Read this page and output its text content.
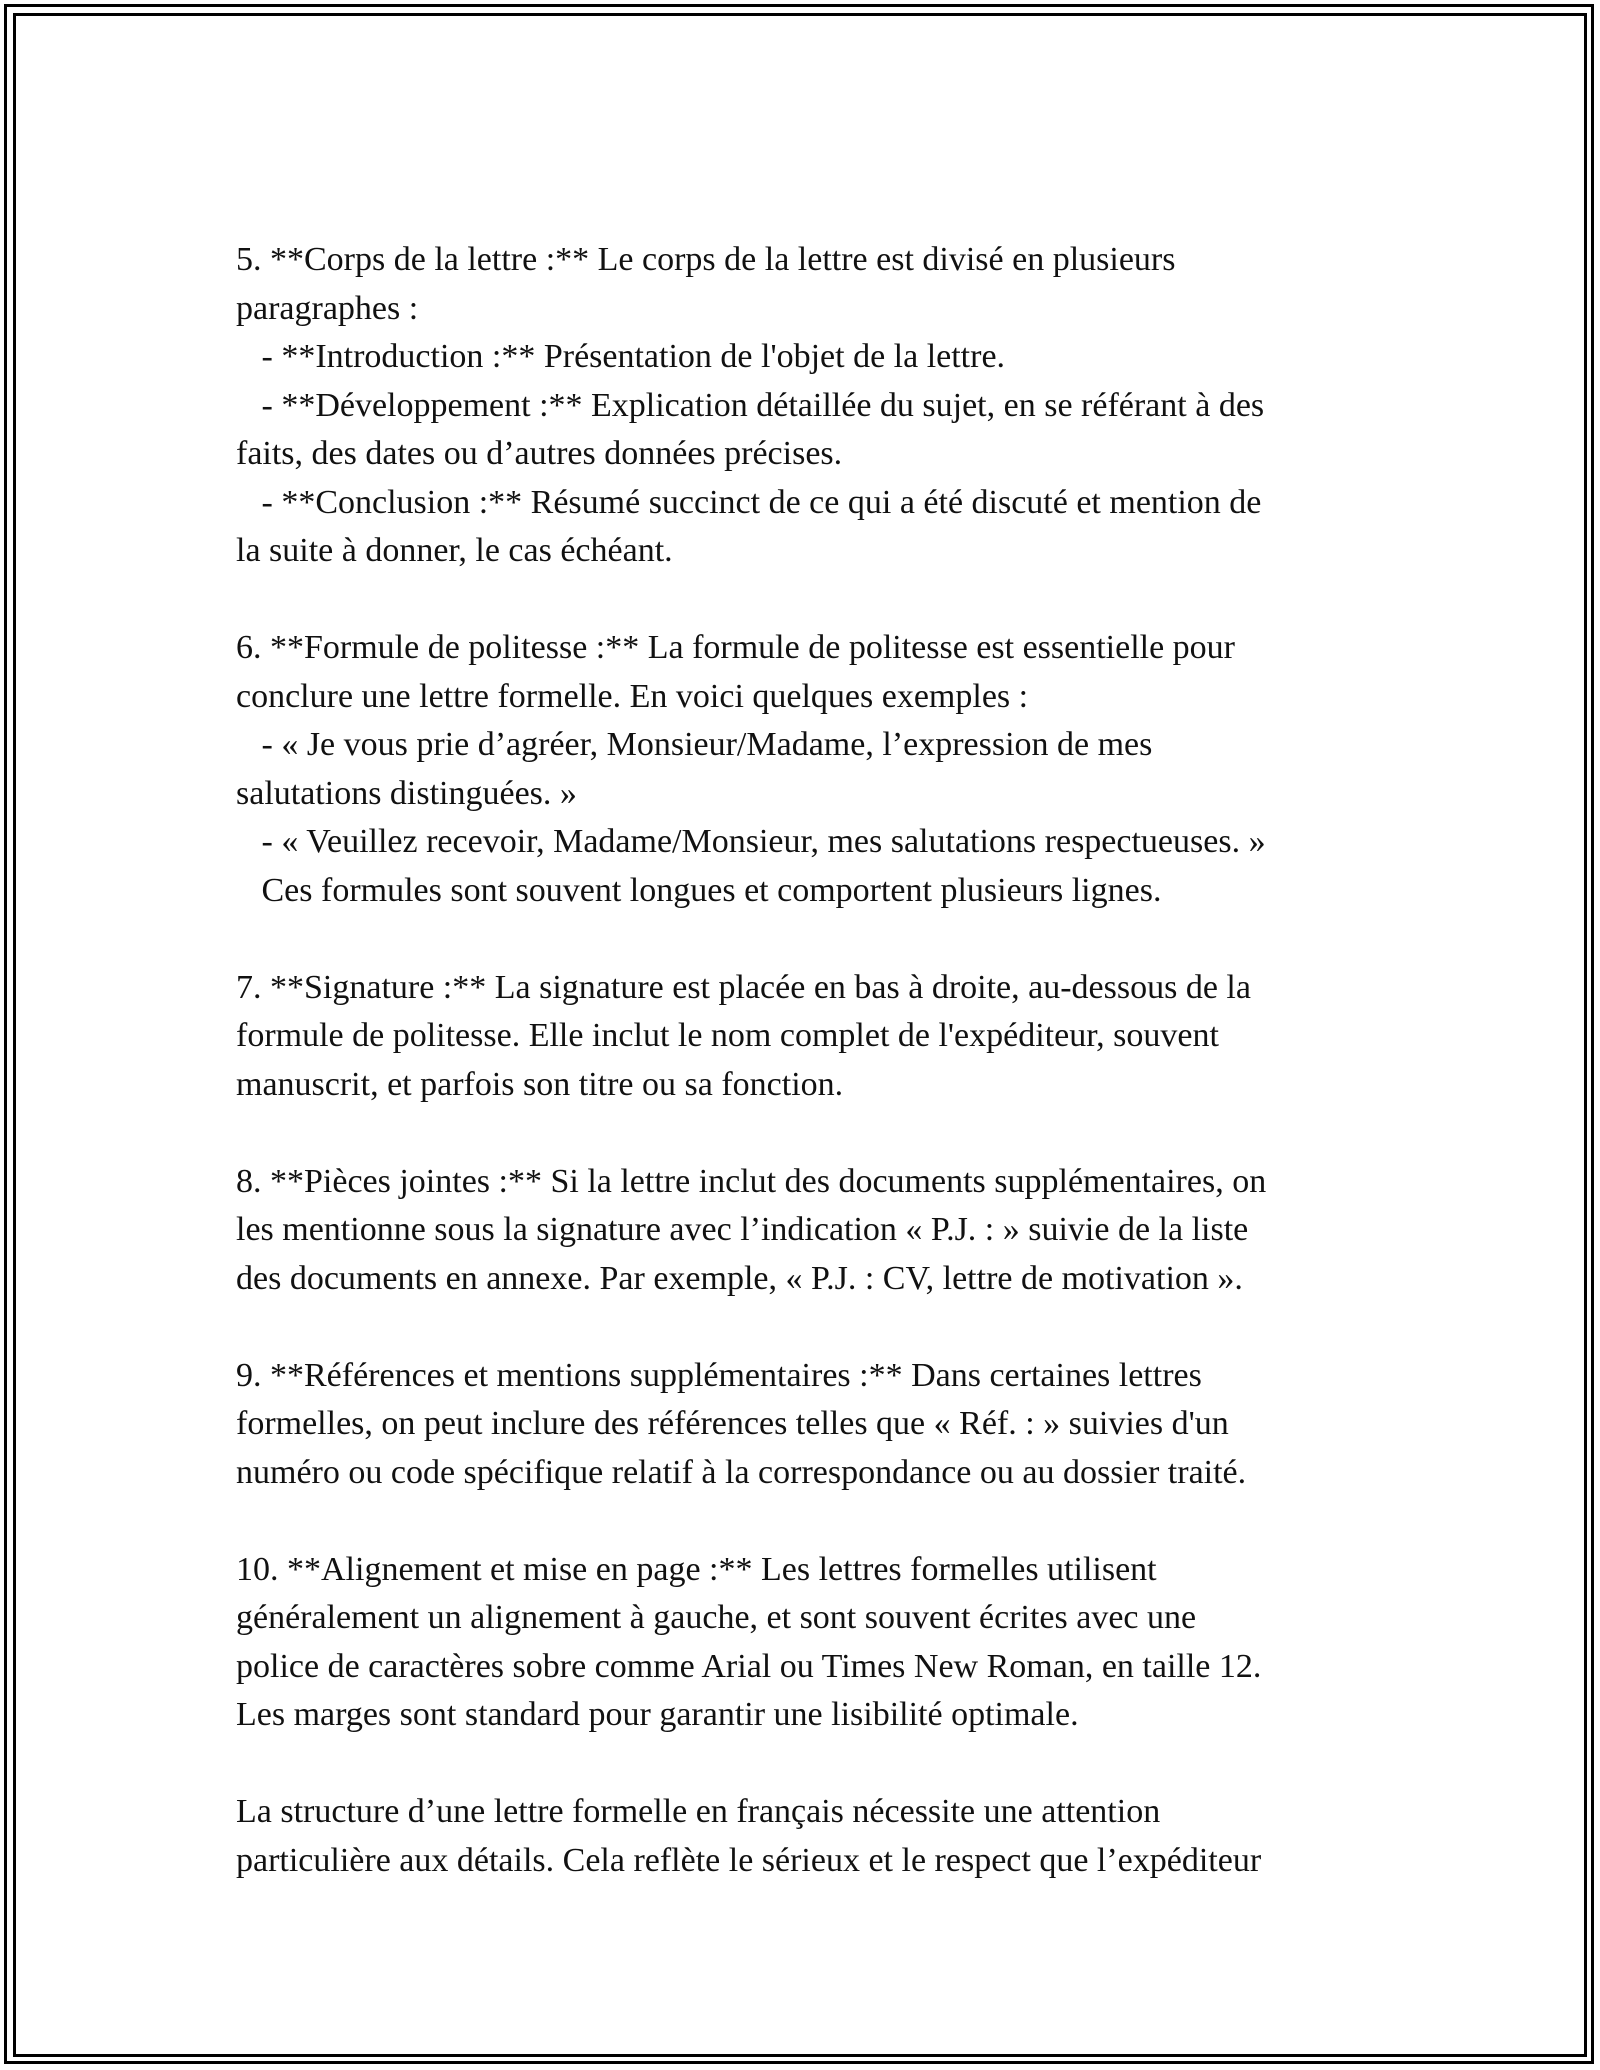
5. **Corps de la lettre :** Le corps de la lettre est divisé en plusieurs
paragraphes :
- **Introduction :** Présentation de l'objet de la lettre.
- **Développement :** Explication détaillée du sujet, en se référant à des
faits, des dates ou d’autres données précises.
- **Conclusion :** Résumé succinct de ce qui a été discuté et mention de
la suite à donner, le cas échéant.
6. **Formule de politesse :** La formule de politesse est essentielle pour
conclure une lettre formelle. En voici quelques exemples :
- « Je vous prie d’agréer, Monsieur/Madame, l’expression de mes
salutations distinguées. »
- « Veuillez recevoir, Madame/Monsieur, mes salutations respectueuses. »
Ces formules sont souvent longues et comportent plusieurs lignes.
7. **Signature :** La signature est placée en bas à droite, au-dessous de la
formule de politesse. Elle inclut le nom complet de l'expéditeur, souvent
manuscrit, et parfois son titre ou sa fonction.
8. **Pièces jointes :** Si la lettre inclut des documents supplémentaires, on
les mentionne sous la signature avec l’indication « P.J. : » suivie de la liste
des documents en annexe. Par exemple, « P.J. : CV, lettre de motivation ».
9. **Références et mentions supplémentaires :** Dans certaines lettres
formelles, on peut inclure des références telles que « Réf. : » suivies d'un
numéro ou code spécifique relatif à la correspondance ou au dossier traité.
10. **Alignement et mise en page :** Les lettres formelles utilisent
généralement un alignement à gauche, et sont souvent écrites avec une
police de caractères sobre comme Arial ou Times New Roman, en taille 12.
Les marges sont standard pour garantir une lisibilité optimale.
La structure d’une lettre formelle en français nécessite une attention
particulière aux détails. Cela reflète le sérieux et le respect que l’expéditeur
